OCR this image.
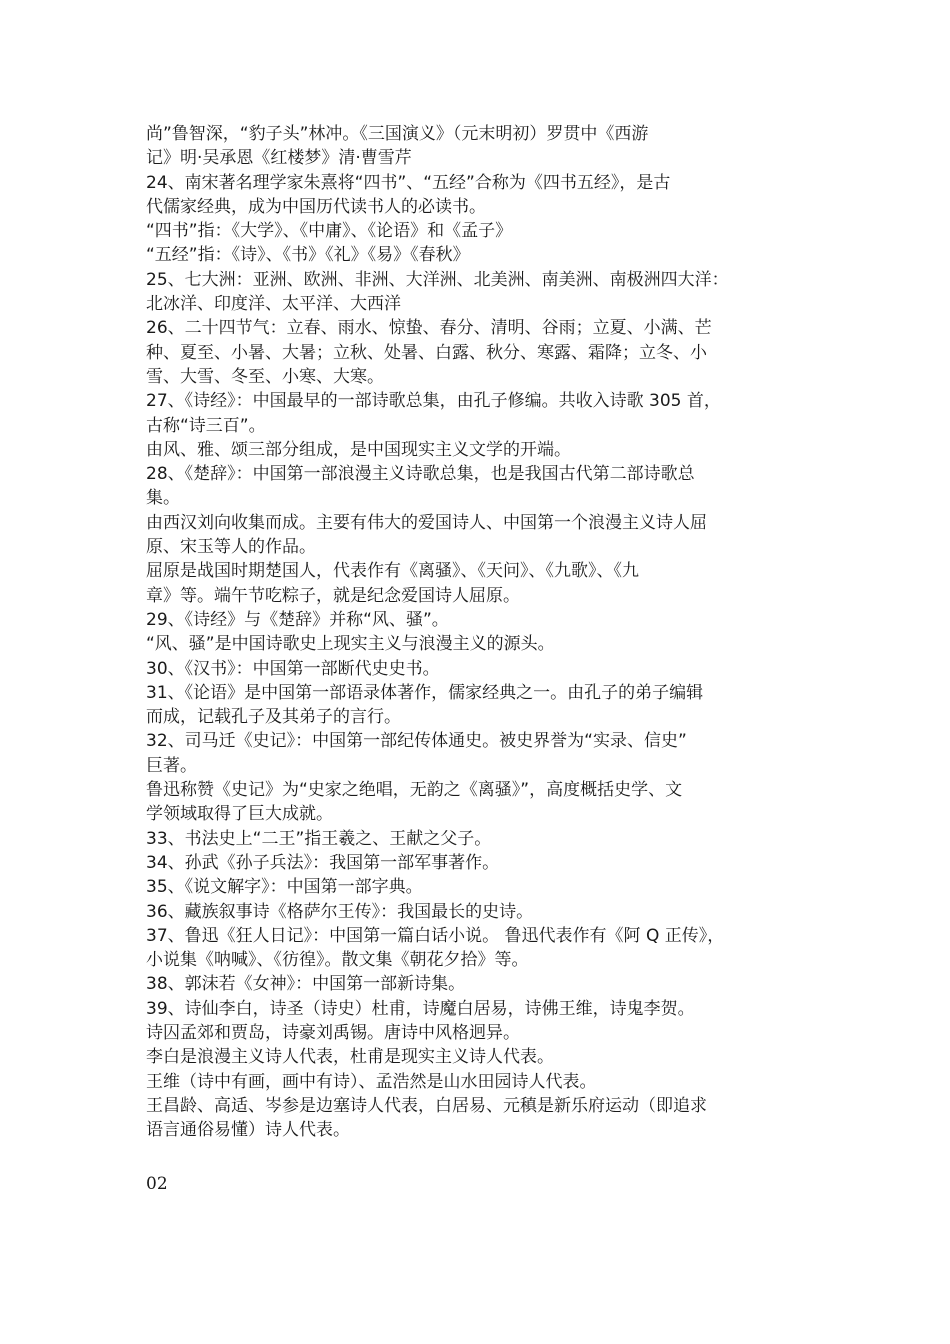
尚”鲁智深，“豹子头”林冲。《三国演义》（元末明初）罗贯中《西游
记》明·吴承恩《红楼梦》清·曹雪芹
24、南宋著名理学家朱熹将“四书”、“五经”合称为《四书五经》，是古
代儒家经典，成为中国历代读书人的必读书。
“四书”指：《大学》、《中庸》、《论语》和《孟子》
“五经”指：《诗》、《书》《礼》《易》《春秋》
25、七大洲：亚洲、欧洲、非洲、大洋洲、北美洲、南美洲、南极洲四大洋：
北冰洋、印度洋、太平洋、大西洋
26、二十四节气：立春、雨水、惊蛰、春分、清明、谷雨；立夏、小满、芒
种、夏至、小暑、大暑；立秋、处暑、白露、秋分、寒露、霜降；立冬、小
雪、大雪、冬至、小寒、大寒。
27、《诗经》：中国最早的一部诗歌总集，由孔子修编。共收入诗歌 305 首，
古称“诗三百”。
由风、雅、颂三部分组成，是中国现实主义文学的开端。
28、《楚辞》：中国第一部浪漫主义诗歌总集，也是我国古代第二部诗歌总
集。
由西汉刘向收集而成。主要有伟大的爱国诗人、中国第一个浪漫主义诗人屈
原、宋玉等人的作品。
屈原是战国时期楚国人，代表作有《离骚》、《天问》、《九歌》、《九
章》等。端午节吃粽子，就是纪念爱国诗人屈原。
29、《诗经》与《楚辞》并称“风、骚”。
“风、骚”是中国诗歌史上现实主义与浪漫主义的源头。
30、《汉书》：中国第一部断代史史书。
31、《论语》是中国第一部语录体著作，儒家经典之一。由孔子的弟子编辑
而成，记载孔子及其弟子的言行。
32、司马迁《史记》：中国第一部纪传体通史。被史界誉为“实录、信史”
巨著。
鲁迅称赞《史记》为“史家之绝唱，无韵之《离骚》”，高度概括史学、文
学领域取得了巨大成就。
33、书法史上“二王”指王羲之、王献之父子。
34、孙武《孙子兵法》：我国第一部军事著作。
35、《说文解字》：中国第一部字典。
36、藏族叙事诗《格萨尔王传》：我国最长的史诗。
37、鲁迅《狂人日记》：中国第一篇白话小说。 鲁迅代表作有《阿 Q 正传》，
小说集《呐喊》、《彷徨》。散文集《朝花夕拾》等。
38、郭沫若《女神》：中国第一部新诗集。
39、诗仙李白，诗圣（诗史）杜甫，诗魔白居易，诗佛王维，诗鬼李贺。
诗囚孟郊和贾岛，诗豪刘禹锡。唐诗中风格迥异。
李白是浪漫主义诗人代表，杜甫是现实主义诗人代表。
王维（诗中有画，画中有诗）、孟浩然是山水田园诗人代表。
王昌龄、高适、岑参是边塞诗人代表，白居易、元稹是新乐府运动（即追求
语言通俗易懂）诗人代表。
02
